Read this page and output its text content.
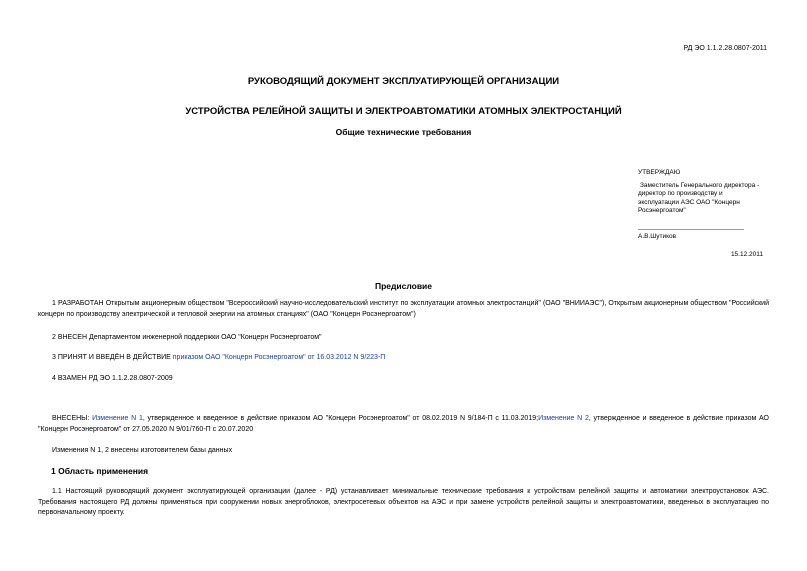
РД ЭО 1.1.2.28.0807-2011
РУКОВОДЯЩИЙ ДОКУМЕНТ ЭКСПЛУАТИРУЮЩЕЙ ОРГАНИЗАЦИИ
УСТРОЙСТВА РЕЛЕЙНОЙ ЗАЩИТЫ И ЭЛЕКТРОАВТОМАТИКИ АТОМНЫХ ЭЛЕКТРОСТАНЦИЙ
Общие технические требования
УТВЕРЖДАЮ
Заместитель Генерального директора -
директор по производству и
эксплуатации АЭС ОАО "Концерн
Росэнергоатом"
А.В.Шутиков
15.12.2011
Предисловие
1 РАЗРАБОТАН Открытым акционерным обществом "Всероссийский научно-исследовательский институт по эксплуатации атомных электростанций" (ОАО "ВНИИАЭС"), Открытым акционерным обществом "Российский концерн по производству электрической и тепловой энергии на атомных станциях" (ОАО "Концерн Росэнергоатом")
2 ВНЕСЕН Департаментом инженерной поддержки ОАО "Концерн Росэнергоатом"
3 ПРИНЯТ И ВВЕДЁН В ДЕЙСТВИЕ приказом ОАО "Концерн Росэнергоатом" от 16.03.2012 N 9/223-П
4 ВЗАМЕН РД ЭО 1.1.2.28.0807-2009
ВНЕСЕНЫ: Изменение N 1, утвержденное и введенное в действие приказом АО "Концерн Росэнергоатом" от 08.02.2019 N 9/184-П с 11.03.2019;Изменение N 2, утвержденное и введенное в действие приказом АО "Концерн Росэнергоатом" от 27.05.2020 N 9/01/760-П с 20.07.2020
Изменения N 1, 2 внесены изготовителем базы данных
1 Область применения
1.1 Настоящий руководящий документ эксплуатирующей организации (далее - РД) устанавливает минимальные технические требования к устройствам релейной защиты и автоматики электроустановок АЭС. Требования настоящего РД должны применяться при сооружении новых энергоблоков, электросетевых объектов на АЭС и при замене устройств релейной защиты и электроавтоматики, введенных в эксплуатацию по первоначальному проекту.
